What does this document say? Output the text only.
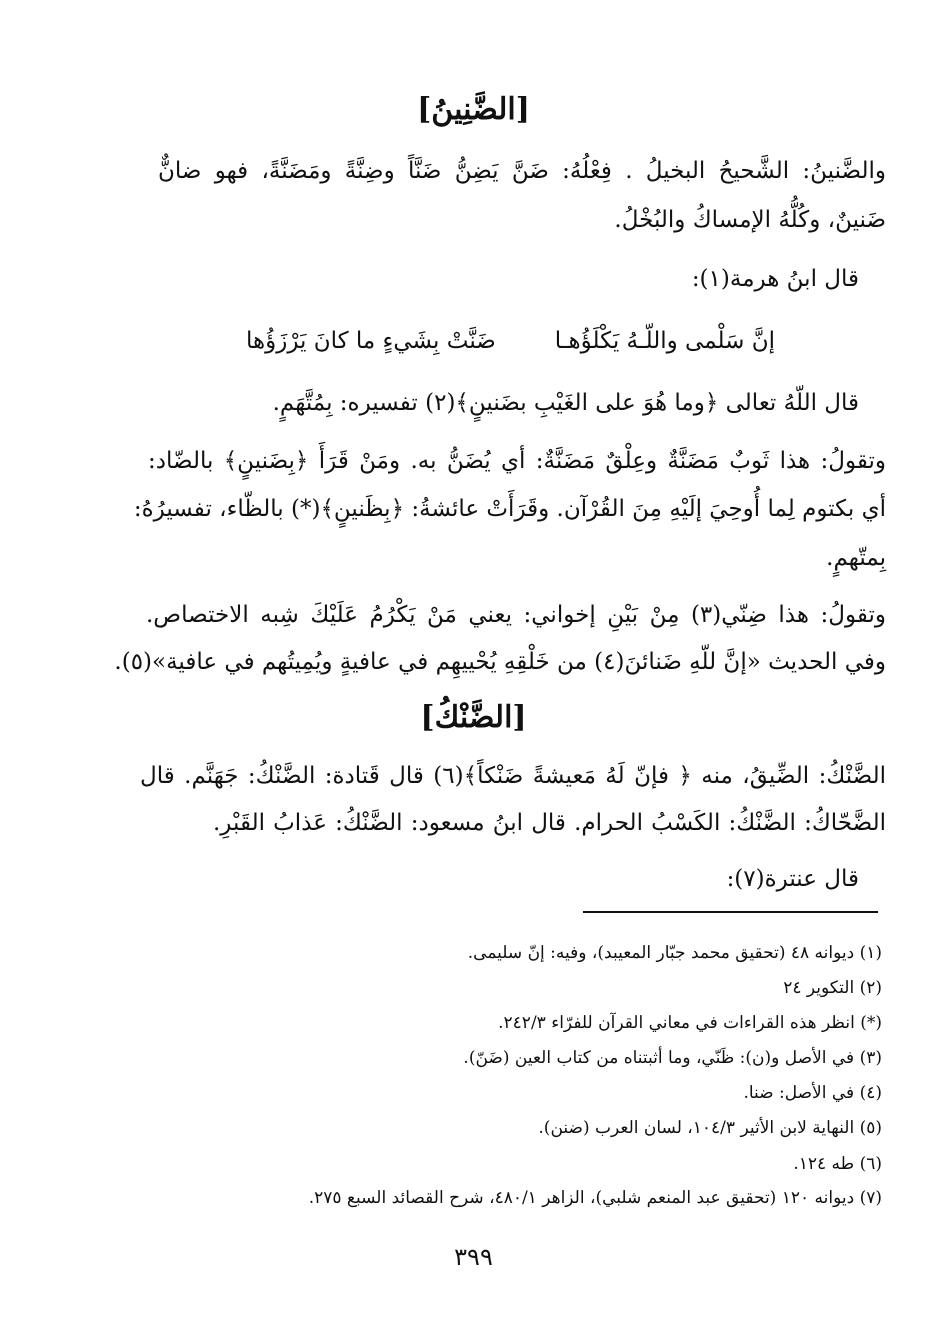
[الضَّنِينُ]
والضَّنينُ: الشَّحيحُ البخيلُ . فِعْلُهُ: ضَنَّ يَضِنُّ ضَنَّاً وضِنَّةً ومَضَنَّةً، فهو ضانٌّ
ضَنينٌ، وكُلُّهُ الإمساكُ والبُخْلُ.
قال ابنُ هرمة(١):
إنَّ سَلْمى واللّـهُ يَكْلَؤُهـا
ضَنَّتْ بِشَيءٍ ما كانَ يَرْزَؤُها
قال اللّهُ تعالى ﴿وما هُوَ على الغَيْبِ بضَنينٍ﴾(٢) تفسيره: بِمُتَّهَمٍ.
وتقولُ: هذا ثَوبٌ مَضَنَّةٌ وعِلْقٌ مَضَنَّةٌ: أي يُضَنُّ به. ومَنْ قَرَأَ ﴿بِضَنينٍ﴾ بالضّاد:
أي بكتوم لِما أُوحِيَ إلَيْهِ مِنَ القُرْآن. وقَرَأَتْ عائشةُ: ﴿بِظَنينٍ﴾(*) بالظّاء، تفسيرُهُ:
بِمتّهمٍ.
وتقولُ: هذا ضِنّي(٣) مِنْ بَيْنِ إخواني: يعني مَنْ يَكْرُمُ عَلَيْكَ شِبه الاختصاص.
وفي الحديث «إنَّ للّهِ ضَنائنَ(٤) من خَلْقِهِ يُحْييهِم في عافيةٍ ويُمِيتُهم في عافية»(٥).
[الضَّنْكُ]
الضَّنْكُ: الضِّيقُ، منه ﴿ فإنّ لَهُ مَعيشةً ضَنْكاً﴾(٦) قال قَتادة: الضَّنْكُ: جَهَنَّم. قال
الضَّحّاكُ: الضَّنْكُ: الكَسْبُ الحرام. قال ابنُ مسعود: الضَّنْكُ: عَذابُ القَبْرِ.
قال عنترة(٧):
(١) ديوانه ٤٨ (تحقيق محمد جبّار المعيبد)، وفيه: إنّ سليمى.
(٢) التكوير ٢٤
(*) انظر هذه القراءات في معاني القرآن للفرّاء ٢٤٢/٣.
(٣) في الأصل و(ن): ظَنّي، وما أثبتناه من كتاب العين (ضَنّ).
(٤) في الأصل: ضنا.
(٥) النهاية لابن الأثير ١٠٤/٣، لسان العرب (ضنن).
(٦) طه ١٢٤.
(٧) ديوانه ١٢٠ (تحقيق عبد المنعم شلبي)، الزاهر ٤٨٠/١، شرح القصائد السبع ٢٧٥.
٣٩٩
